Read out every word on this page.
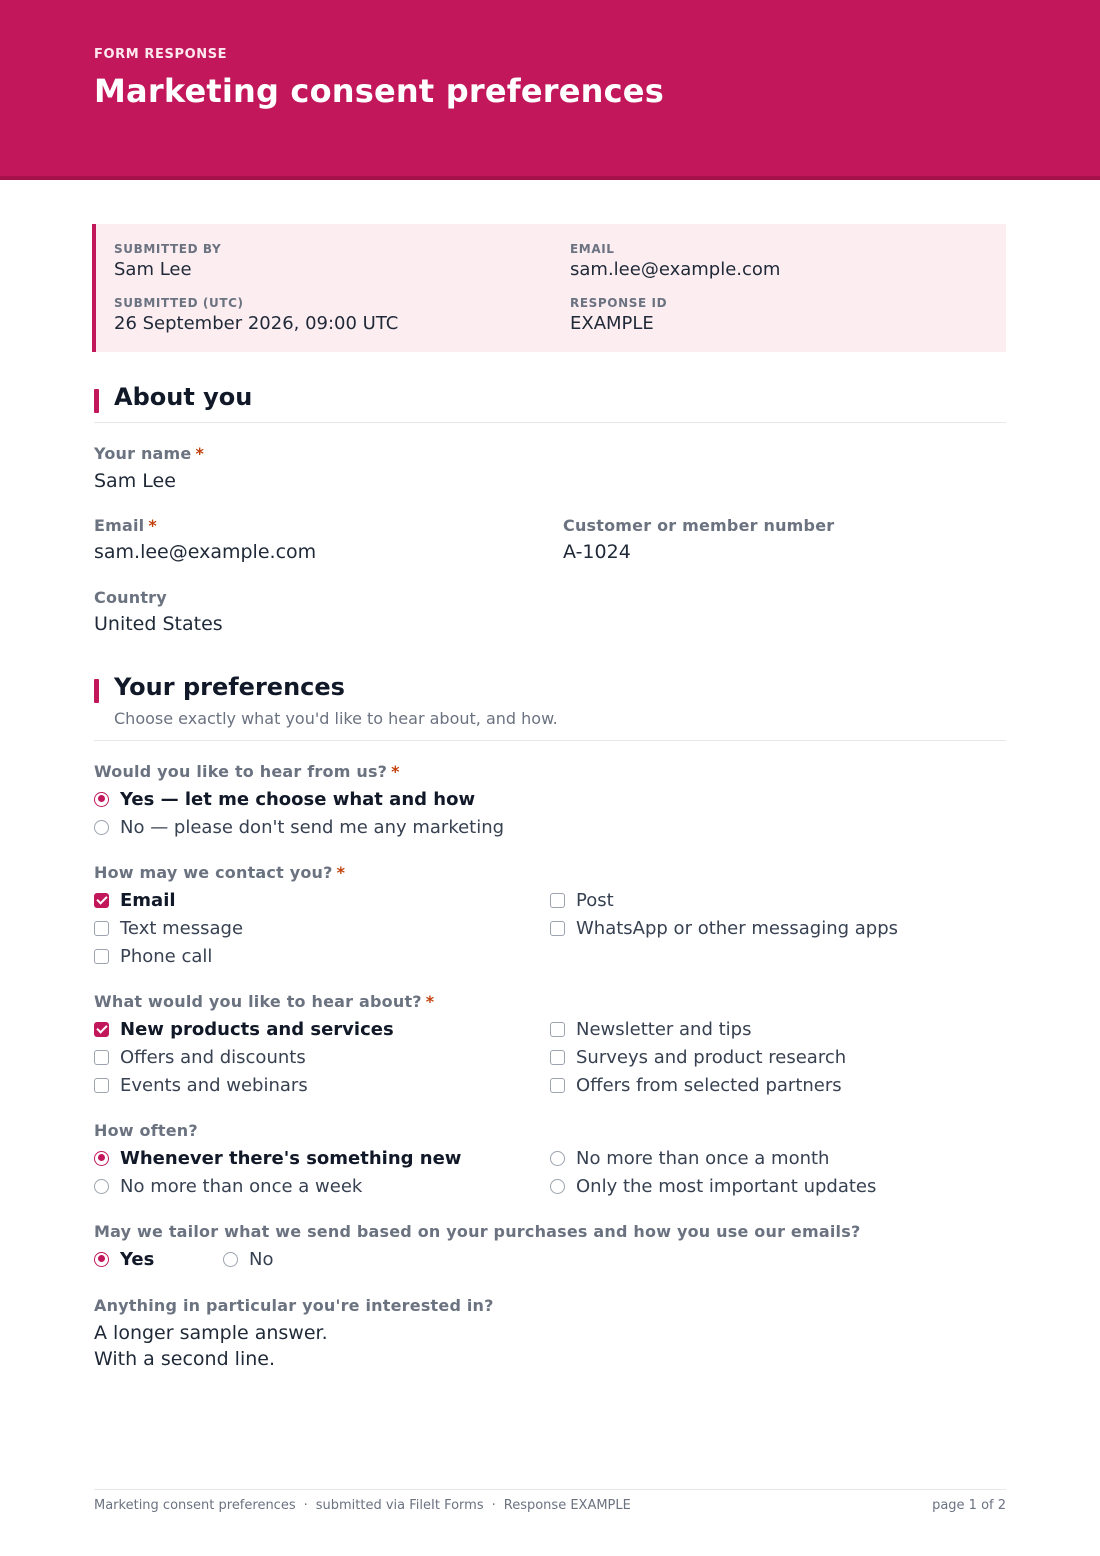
FORM RESPONSE
Marketing consent preferences
SUBMITTED BY
Sam Lee
EMAIL
sam.lee@example.com
SUBMITTED (UTC)
26 September 2026, 09:00 UTC
RESPONSE ID
EXAMPLE
About you
Your name *
Sam Lee
Email *
sam.lee@example.com
Customer or member number
A-1024
Country
United States
Your preferences
Choose exactly what you'd like to hear about, and how.
Would you like to hear from us? *
Yes — let me choose what and how
No — please don't send me any marketing
How may we contact you? *
Email
Text message
Phone call
Post
WhatsApp or other messaging apps
What would you like to hear about? *
New products and services
Offers and discounts
Events and webinars
Newsletter and tips
Surveys and product research
Offers from selected partners
How often?
Whenever there's something new
No more than once a week
No more than once a month
Only the most important updates
May we tailor what we send based on your purchases and how you use our emails?
Yes	No
Anything in particular you're interested in?
A longer sample answer.
With a second line.
Marketing consent preferences · submitted via FileIt Forms · Response EXAMPLE	page 1 of 2
